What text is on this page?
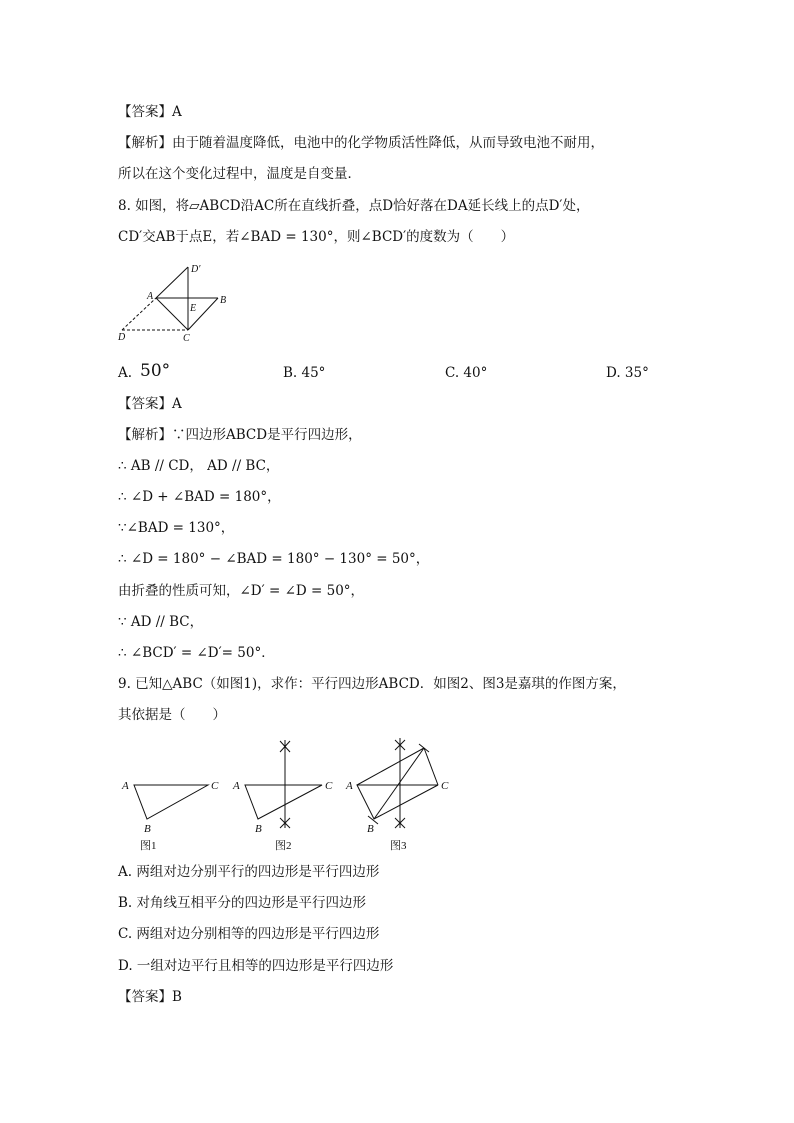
【答案】A
【解析】由于随着温度降低，电池中的化学物质活性降低，从而导致电池不耐用，
所以在这个变化过程中，温度是自变量．
8. 如图，将▱ABCD沿AC所在直线折叠，点D恰好落在DA延长线上的点D′处，
CD′交AB于点E，若∠BAD = 130°，则∠BCD′的度数为（　　）
A	B
C
D
D′
E
A. 50°	B. 45°	C. 40°	D. 35°
【答案】A
【解析】∵四边形ABCD是平行四边形，
∴ AB // CD， AD // BC，
∴ ∠D + ∠BAD = 180°，
∵∠BAD = 130°，
∴ ∠D = 180° − ∠BAD = 180° − 130° = 50°，
由折叠的性质可知，∠D′ = ∠D = 50°，
∵ AD // BC，
∴ ∠BCD′ = ∠D′= 50°．
9. 已知△ABC（如图1)，求作：平行四边形ABCD．如图2、图3是嘉琪的作图方案，
其依据是（　　）
A	C
B
A	C
B
A	C
B
图1	图2	图3
A. 两组对边分别平行的四边形是平行四边形
B. 对角线互相平分的四边形是平行四边形
C. 两组对边分别相等的四边形是平行四边形
D. 一组对边平行且相等的四边形是平行四边形
【答案】B
